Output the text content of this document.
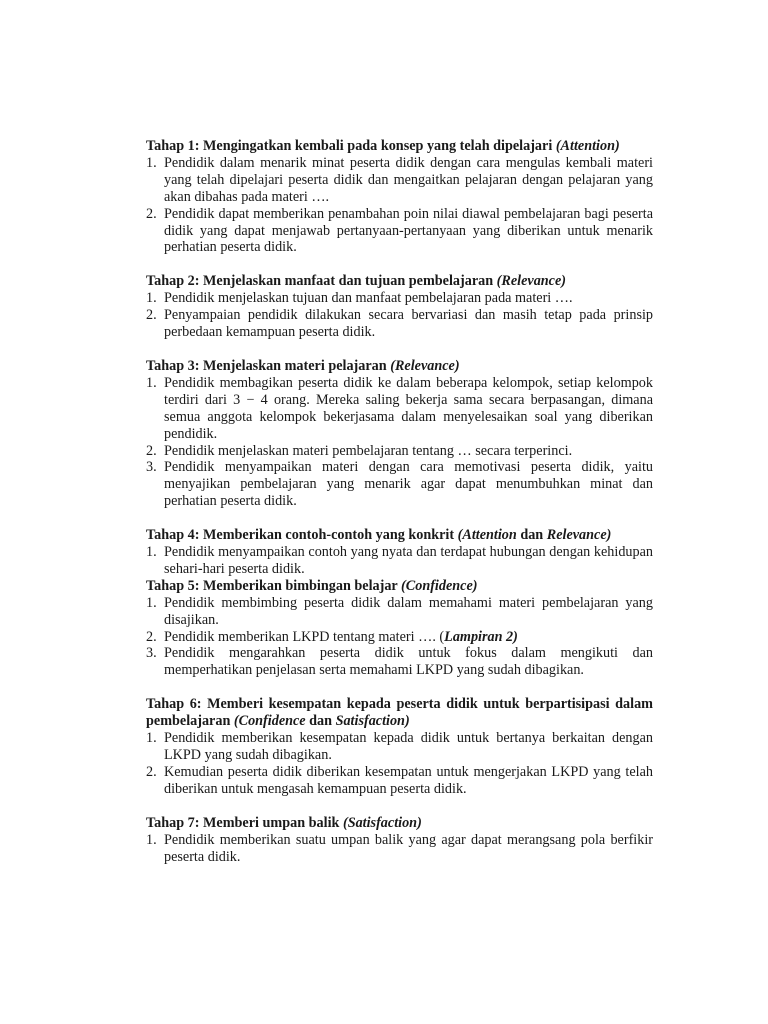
Tahap 1: Mengingatkan kembali pada konsep yang telah dipelajari (Attention)
1. Pendidik dalam menarik minat peserta didik dengan cara mengulas kembali materi yang telah dipelajari peserta didik dan mengaitkan pelajaran dengan pelajaran yang akan dibahas pada materi ….
2. Pendidik dapat memberikan penambahan poin nilai diawal pembelajaran bagi peserta didik yang dapat menjawab pertanyaan-pertanyaan yang diberikan untuk menarik perhatian peserta didik.
Tahap 2: Menjelaskan manfaat dan tujuan pembelajaran (Relevance)
1. Pendidik menjelaskan tujuan dan manfaat pembelajaran pada materi ….
2. Penyampaian pendidik dilakukan secara bervariasi dan masih tetap pada prinsip perbedaan kemampuan peserta didik.
Tahap 3: Menjelaskan materi pelajaran (Relevance)
1. Pendidik membagikan peserta didik ke dalam beberapa kelompok, setiap kelompok terdiri dari 3 − 4 orang. Mereka saling bekerja sama secara berpasangan, dimana semua anggota kelompok bekerjasama dalam menyelesaikan soal yang diberikan pendidik.
2. Pendidik menjelaskan materi pembelajaran tentang … secara terperinci.
3. Pendidik menyampaikan materi dengan cara memotivasi peserta didik, yaitu menyajikan pembelajaran yang menarik agar dapat menumbuhkan minat dan perhatian peserta didik.
Tahap 4: Memberikan contoh-contoh yang konkrit (Attention dan Relevance)
1. Pendidik menyampaikan contoh yang nyata dan terdapat hubungan dengan kehidupan sehari-hari peserta didik.
Tahap 5: Memberikan bimbingan belajar (Confidence)
1. Pendidik membimbing peserta didik dalam memahami materi pembelajaran yang disajikan.
2. Pendidik memberikan LKPD tentang materi …. (Lampiran 2)
3. Pendidik mengarahkan peserta didik untuk fokus dalam mengikuti dan memperhatikan penjelasan serta memahami LKPD yang sudah dibagikan.
Tahap 6: Memberi kesempatan kepada peserta didik untuk berpartisipasi dalam pembelajaran (Confidence dan Satisfaction)
1. Pendidik memberikan kesempatan kepada didik untuk bertanya berkaitan dengan LKPD yang sudah dibagikan.
2. Kemudian peserta didik diberikan kesempatan untuk mengerjakan LKPD yang telah diberikan untuk mengasah kemampuan peserta didik.
Tahap 7: Memberi umpan balik (Satisfaction)
1. Pendidik memberikan suatu umpan balik yang agar dapat merangsang pola berfikir peserta didik.
